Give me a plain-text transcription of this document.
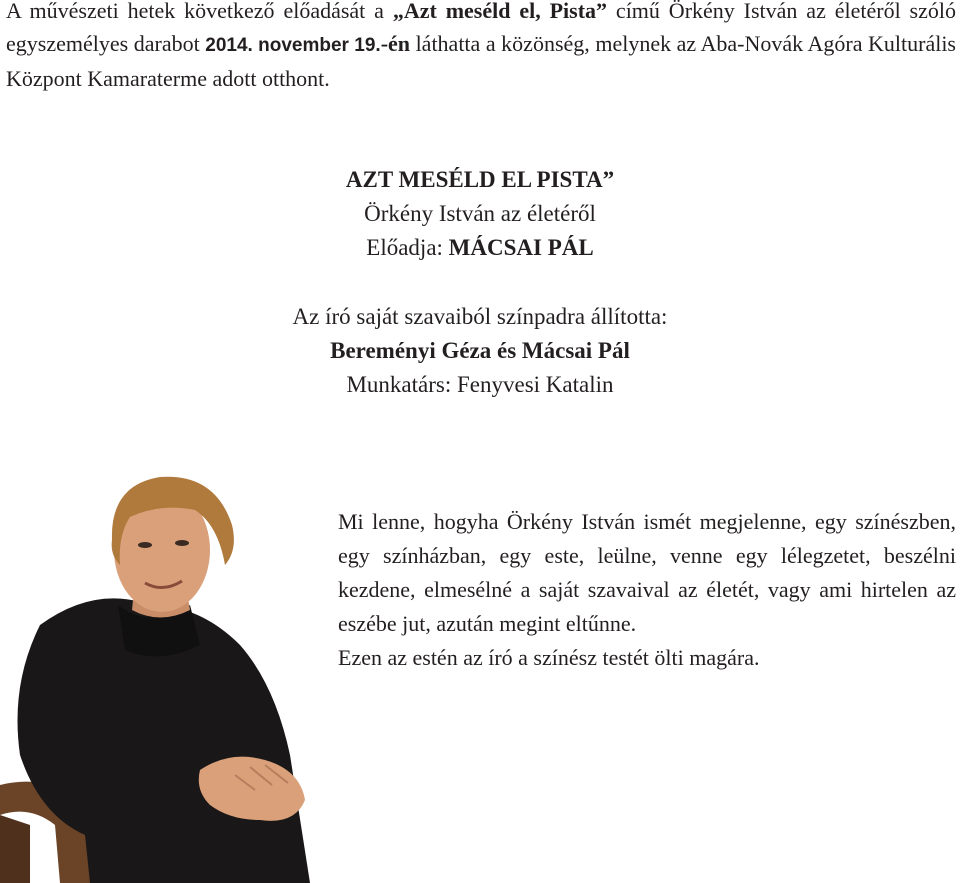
A művészeti hetek következő előadását a „Azt meséld el, Pista” című Örkény István az életéről szóló egyszemélyes darabot 2014. november 19.-én láthatta a közönség, melynek az Aba-Novák Agóra Kulturális Központ Kamaraterme adott otthont.

AZT MESÉLD EL PISTA”

Örkény István az életéről

Előadja: MÁCSAI PÁL

Az író saját szavaiból színpadra állította:

Bereményi Géza és Mácsai Pál

Munkatárs: Fenyvesi Katalin

Mi lenne, hogyha Örkény István ismét megjelenne, egy színészben, egy színházban, egy este, leülne, venne egy lélegzetet, beszélni kezdene, elmesélné a saját szavaival az életét, vagy ami hirtelen az eszébe jut, azután megint eltűnne.

Ezen az estén az író a színész testét ölti magára.
